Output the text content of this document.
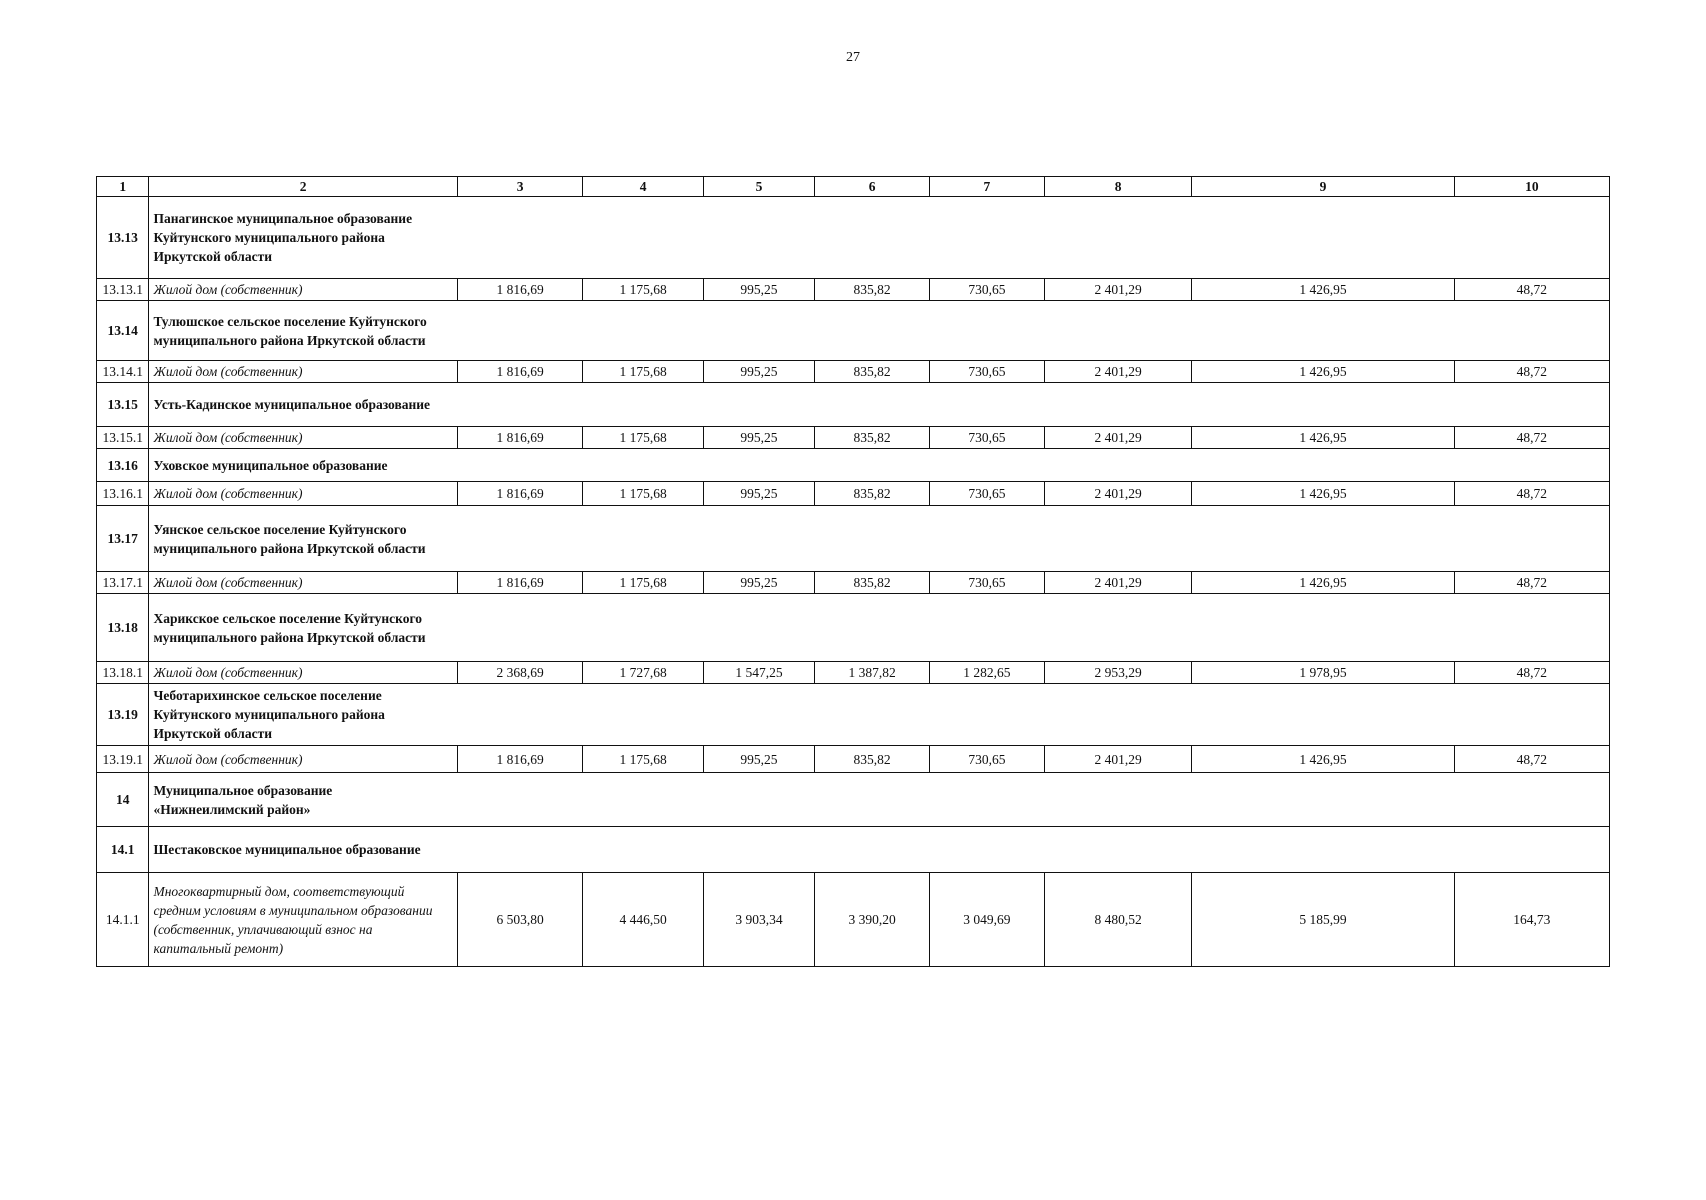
27
1	2	3	4	5	6	7	8	9	10
13.13	Панагинское муниципальное образование Куйтунского муниципального района Иркутской области								

13.13.1	Жилой дом (собственник)	1 816,69	1 175,68	995,25	835,82	730,65	2 401,29	1 426,95	48,72
13.14	Тулюшское сельское поселение Куйтунского муниципального района Иркутской области								

13.14.1	Жилой дом (собственник)	1 816,69	1 175,68	995,25	835,82	730,65	2 401,29	1 426,95	48,72
13.15	Усть-Кадинское муниципальное образование								

13.15.1	Жилой дом (собственник)	1 816,69	1 175,68	995,25	835,82	730,65	2 401,29	1 426,95	48,72
13.16	Уховское муниципальное образование								

13.16.1	Жилой дом (собственник)	1 816,69	1 175,68	995,25	835,82	730,65	2 401,29	1 426,95	48,72
13.17	Уянское сельское поселение Куйтунского муниципального района Иркутской области								

13.17.1	Жилой дом (собственник)	1 816,69	1 175,68	995,25	835,82	730,65	2 401,29	1 426,95	48,72
13.18	Харикское сельское поселение Куйтунского муниципального района Иркутской области								

13.18.1	Жилой дом (собственник)	2 368,69	1 727,68	1 547,25	1 387,82	1 282,65	2 953,29	1 978,95	48,72
13.19	Чеботарихинское сельское поселение Куйтунского муниципального района Иркутской области								

13.19.1	Жилой дом (собственник)	1 816,69	1 175,68	995,25	835,82	730,65	2 401,29	1 426,95	48,72
14	Муниципальное образование «Нижнеилимский район»								

14.1	Шестаковское муниципальное образование								

14.1.1	Многоквартирный дом, соответствующий средним условиям в муниципальном образовании (собственник, уплачивающий взнос на капитальный ремонт)	6 503,80	4 446,50	3 903,34	3 390,20	3 049,69	8 480,52	5 185,99	164,73
